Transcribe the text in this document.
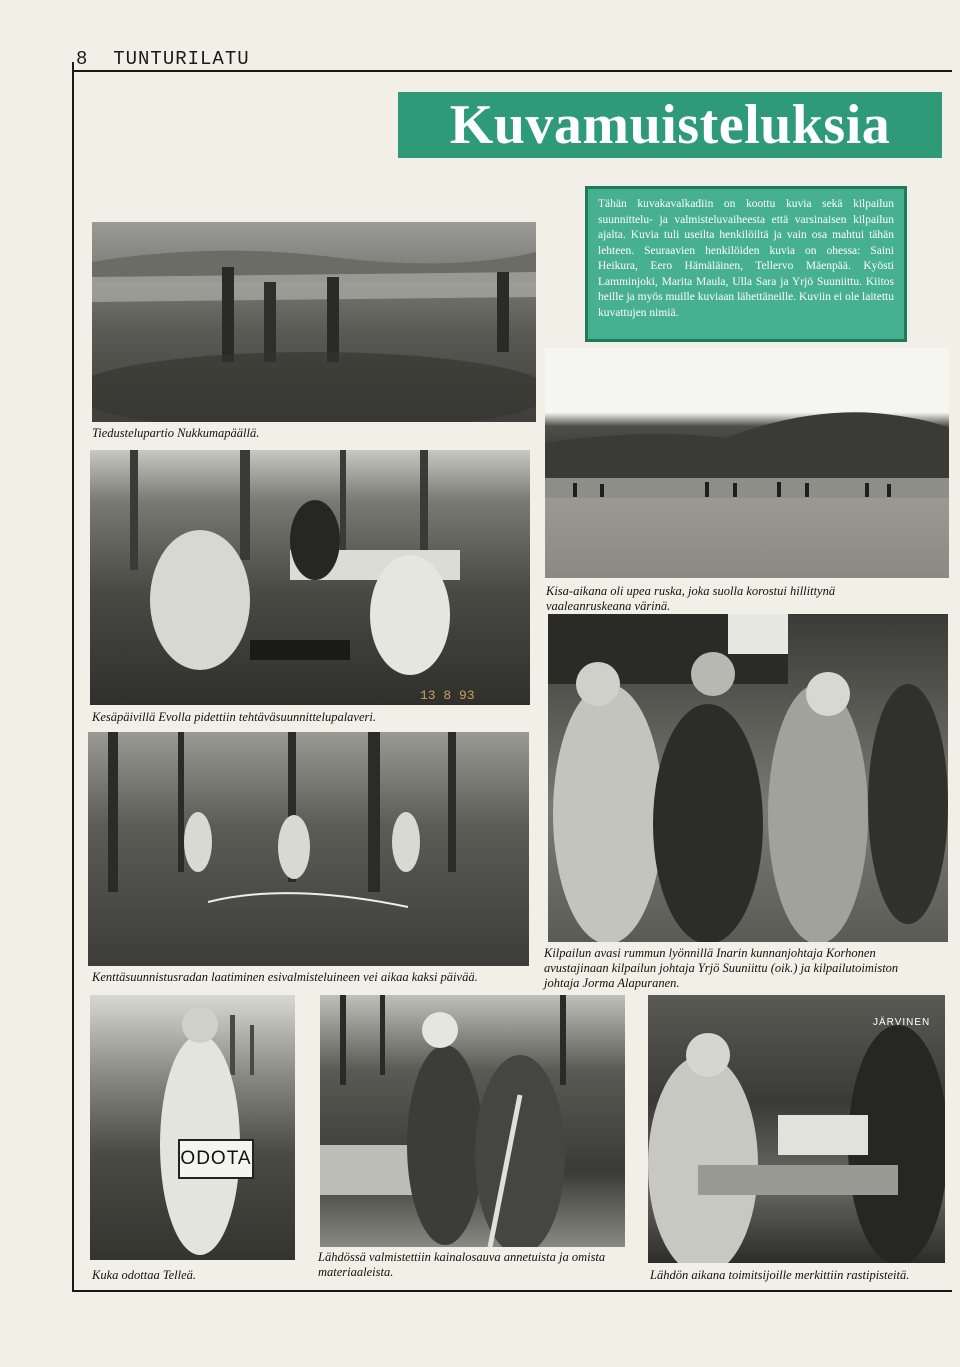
8 TUNTURILATU
Kuvamuisteluksia
Tiedustelupartio Nukkumapäällä.
Tähän kuvakavalkadiin on koottu kuvia sekä kilpailun suunnittelu- ja valmisteluvaiheesta että varsinaisen kilpailun ajalta. Kuvia tuli useilta henkilöiltä ja vain osa mahtui tähän lehteen. Seuraavien henkilöiden kuvia on ohessa: Saini Heikura, Eero Hämäläinen, Tellervo Mäenpää. Kyösti Lamminjoki, Marita Maula, Ulla Sara ja Yrjö Suuniittu. Kiitos heille ja myös muille kuviaan lähettäneille. Kuviin ei ole laitettu kuvattujen nimiä.
Kisa-aikana oli upea ruska, joka suolla korostui hillittynä vaaleanruskeana värinä.
13 8 93
Kesäpäivillä Evolla pidettiin tehtäväsuunnittelupalaveri.
Kenttäsuunnistusradan laatiminen esivalmisteluineen vei aikaa kaksi päivää.
Kilpailun avasi rummun lyönnillä Inarin kunnanjohtaja Korhonen avustajinaan kilpailun johtaja Yrjö Suuniittu (oik.) ja kilpailutoimiston johtaja Jorma Alapuranen.
ODOTA
Kuka odottaa Telleä.
Lähdössä valmistettiin kainalosauva annetuista ja omista materiaaleista.
JÄRVINEN
Lähdön aikana toimitsijoille merkittiin rastipisteitä.
